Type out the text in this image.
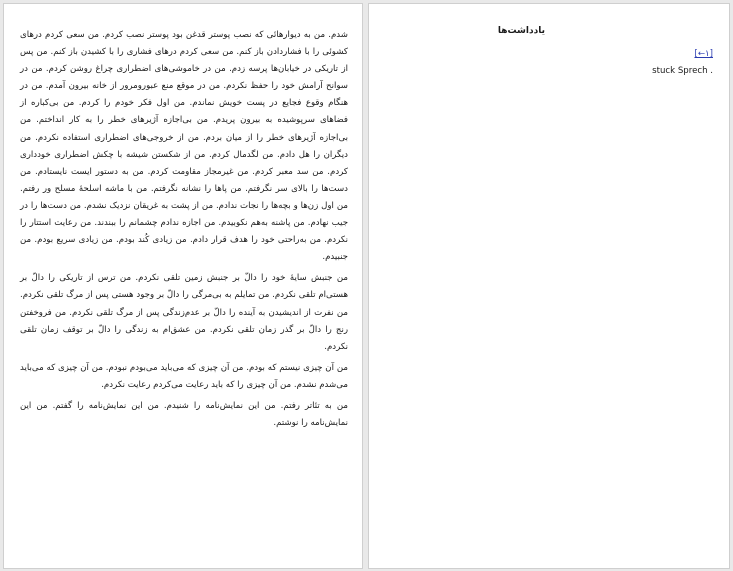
شدم. من به دیوارهائی که نصب پوستر قدغن بود پوستر نصب کردم. من سعی کردم درهای کشوئی را با فشاردادن باز کنم. من سعی کردم درهای فشاری را با کشیدن باز کنم. من پس از تاریکی در خیابان‌ها پرسه زدم. من در خاموشی‌های اضطراری چراغ روشن کردم. من در سوانح آرامش خود را حفظ نکردم. من در موقع منع عبورومرور از خانه بیرون آمدم. من در هنگام وقوع فجایع در پست خویش نماندم. من اول فکر خودم را کردم. من بی‌کباره از فضاهای سرپوشیده به بیرون پریدم. من بی‌اجازه آژیرهای خطر را به کار انداختم. من بی‌اجازه آژیرهای خطر را از میان بردم. من از خروجی‌های اضطراری استفاده نکردم. من دیگران را هل دادم. من لگدمال کردم. من از شکستن شیشه با چکش اضطراری خودداری کردم. من سد معبر کردم. من غیرمجاز مقاومت کردم. من به دستور ایست نایستادم. من دست‌ها را بالای سر نگرفتم. من پاها را نشانه نگرفتم. من با ماشه اسلحهٔ مسلح ور رفتم. من اول زن‌ها و بچه‌ها را نجات ندادم. من از پشت به غریقان نزدیک نشدم. من دست‌ها را در جیب نهادم. من پاشنه به‌هم نکوبیدم. من اجازه ندادم چشمانم را ببندند. من رعایت استتار را نکردم. من به‌راحتی خود را هدف قرار دادم. من زیادی کُند بودم. من زیادی سریع بودم. من جنبیدم.

من جنبش سایهٔ خود را دالّ بر جنبش زمین تلقی نکردم. من ترس از تاریکی را دالّ بر هستی‌ام تلقی نکردم. من تمایلم به بی‌مرگی را دالّ بر وجود هستی پس از مرگ تلقی نکردم. من نفرت از اندیشیدن به آینده را دالّ بر عدم‌زندگی پس از مرگ تلقی نکردم. من فروخفتن رنج را دالّ بر گذر زمان تلقی نکردم. من عشق‌ام به زندگی را دالّ بر توقف زمان تلقی نکردم.

من آن چیزی نیستم که بودم. من آن چیزی که می‌باید می‌بودم نبودم. من آن چیزی که می‌باید می‌شدم نشدم. من آن چیزی را که باید رعایت می‌کردم رعایت نکردم.

من به تئاتر رفتم. من این نمایش‌نامه را شنیدم. من این نمایش‌نامه را گفتم. من این نمایش‌نامه را نوشتم.

یادداشت‌ها
[←۱]
stuck Sprech .
